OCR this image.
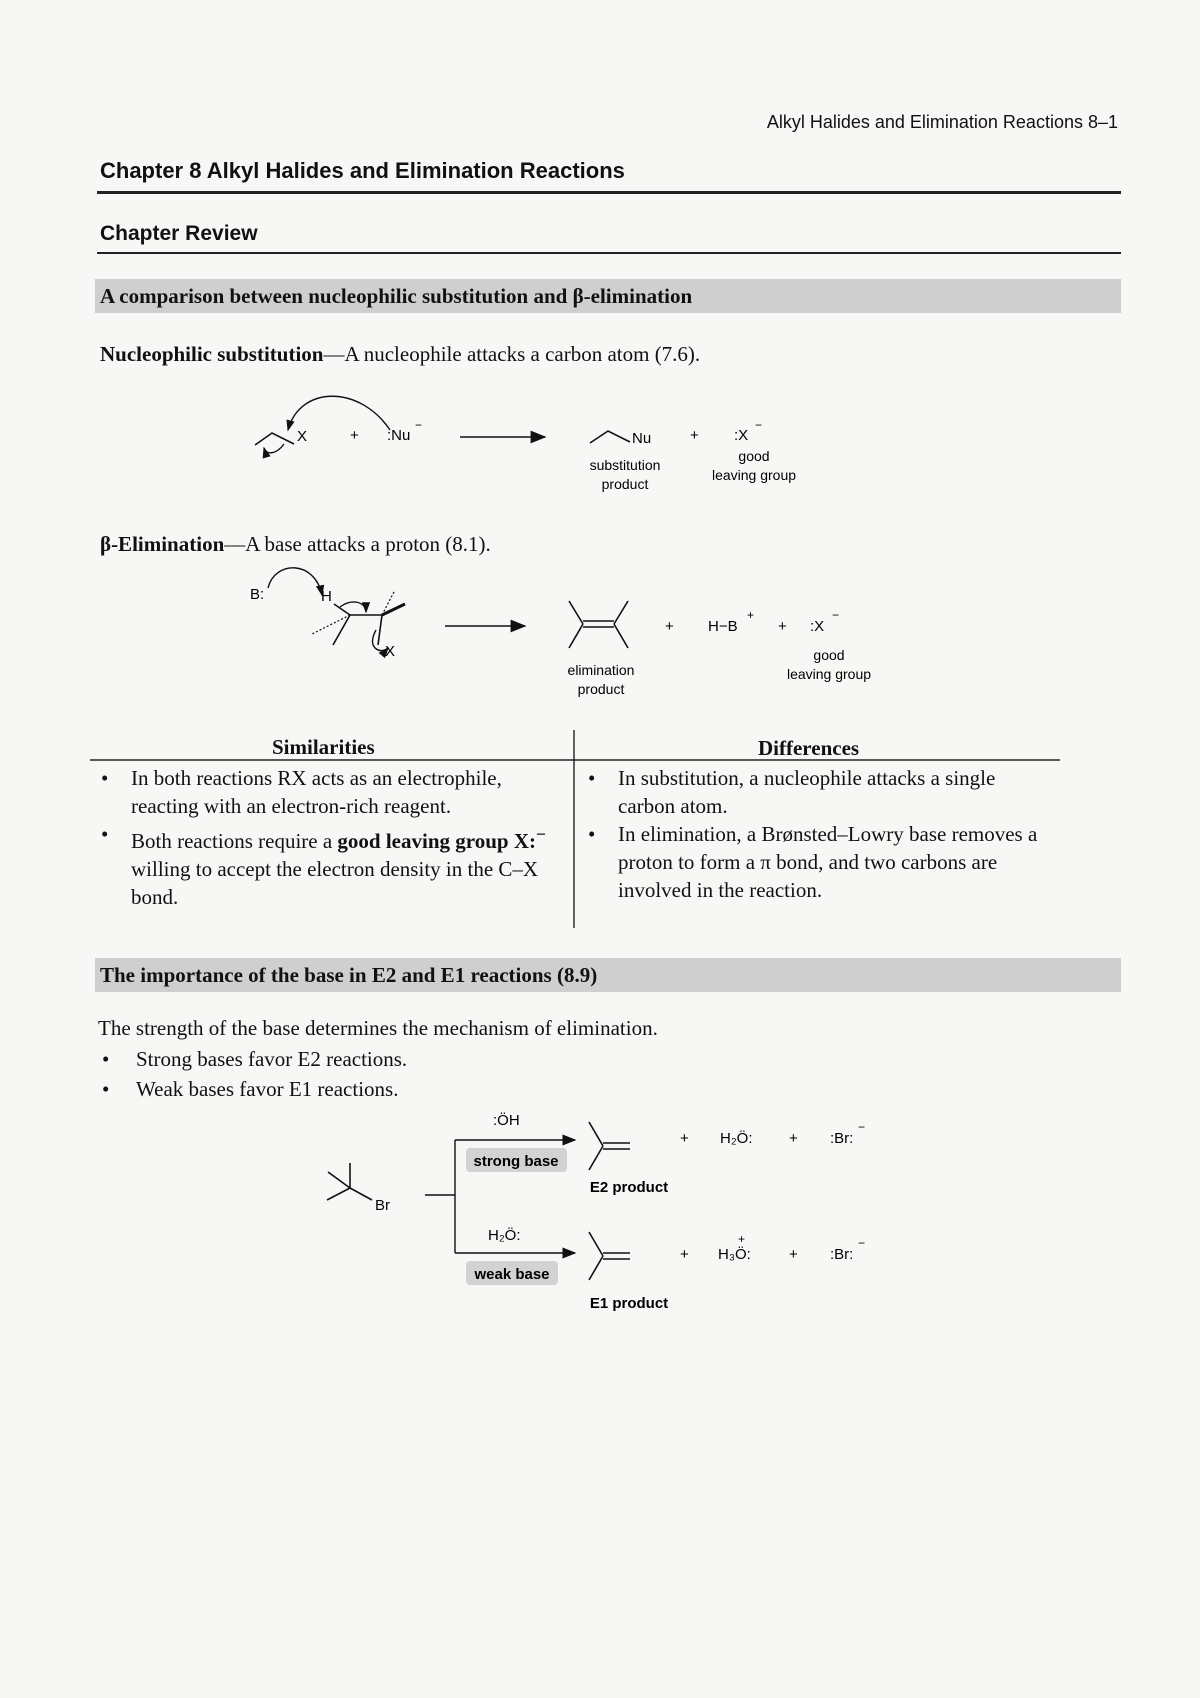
Alkyl Halides and Elimination Reactions 8–1
Chapter 8 Alkyl Halides and Elimination Reactions
Chapter Review
A comparison between nucleophilic substitution and β-elimination
Nucleophilic substitution—A nucleophile attacks a carbon atom (7.6).
β-Elimination—A base attacks a proton (8.1).
X	+ :Nu
−
Nu	+ :X
−
substitution
product
good
leaving group
B:	H
X
+ H−B
+
+ :X
−
elimination
product
good
leaving group
Br
:ÖH
strong base
H₂Ö:
weak base
+ H₂Ö: + :Br:
−
E2 product
+ H₃Ö:
+
+ :Br:
−
E1 product
Similarities	Differences
• In both reactions RX acts as an electrophile, reacting with an electron-rich reagent.
• Both reactions require a good leaving group X:− willing to accept the electron density in the C–X bond.
• In substitution, a nucleophile attacks a single carbon atom.
• In elimination, a Brønsted–Lowry base removes a proton to form a π bond, and two carbons are involved in the reaction.
The importance of the base in E2 and E1 reactions (8.9)
The strength of the base determines the mechanism of elimination.
• Strong bases favor E2 reactions.
• Weak bases favor E1 reactions.
